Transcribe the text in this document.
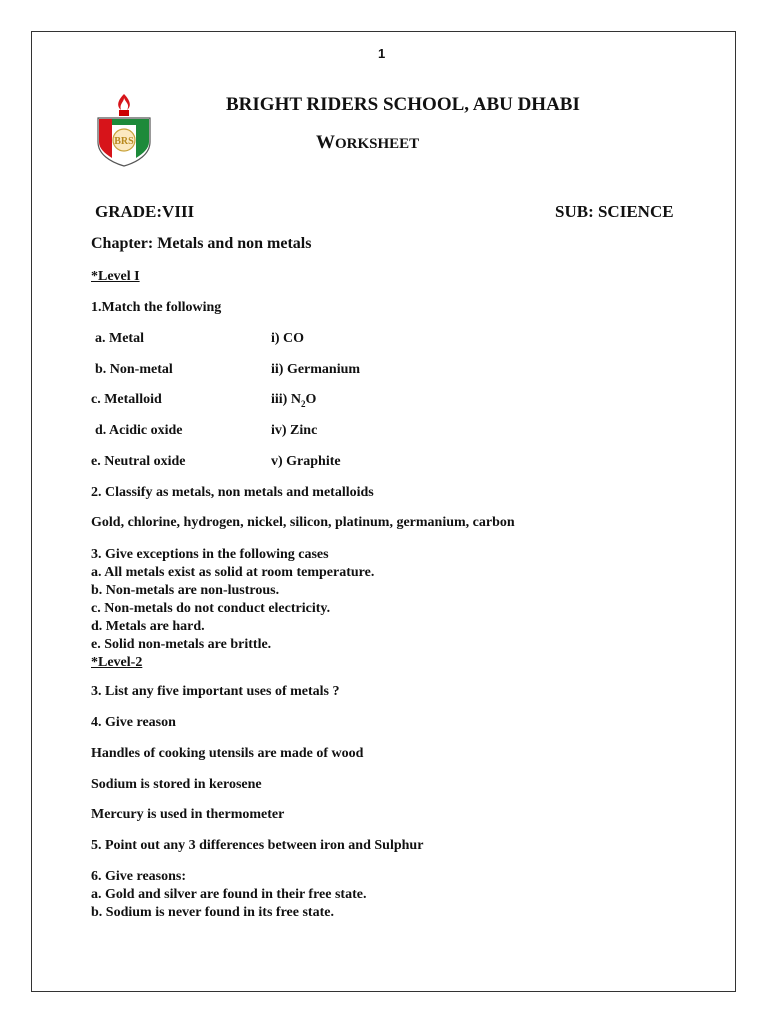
1
BRS
BRIGHT RIDERS SCHOOL, ABU DHABI
WORKSHEET
GRADE:VIII	SUB: SCIENCE
Chapter: Metals and non metals
*Level I
1.Match the following
a. Metal
b. Non-metal
c. Metalloid
d. Acidic oxide
e. Neutral oxide
i) CO
ii) Germanium
iii) $N_2O$
iv) Zinc
v) Graphite
2. Classify as metals, non metals and metalloids
Gold, chlorine, hydrogen, nickel, silicon, platinum, germanium, carbon
3. Give exceptions in the following cases
a. All metals exist as solid at room temperature.
b. Non-metals are non-lustrous.
c. Non-metals do not conduct electricity.
d. Metals are hard.
e. Solid non-metals are brittle.
*Level-2
3. List any five important uses of metals ?
4. Give reason
Handles of cooking utensils are made of wood
Sodium is stored in kerosene
Mercury is used in thermometer
5. Point out any 3 differences between iron and Sulphur
6. Give reasons:
a. Gold and silver are found in their free state.
b. Sodium is never found in its free state.
